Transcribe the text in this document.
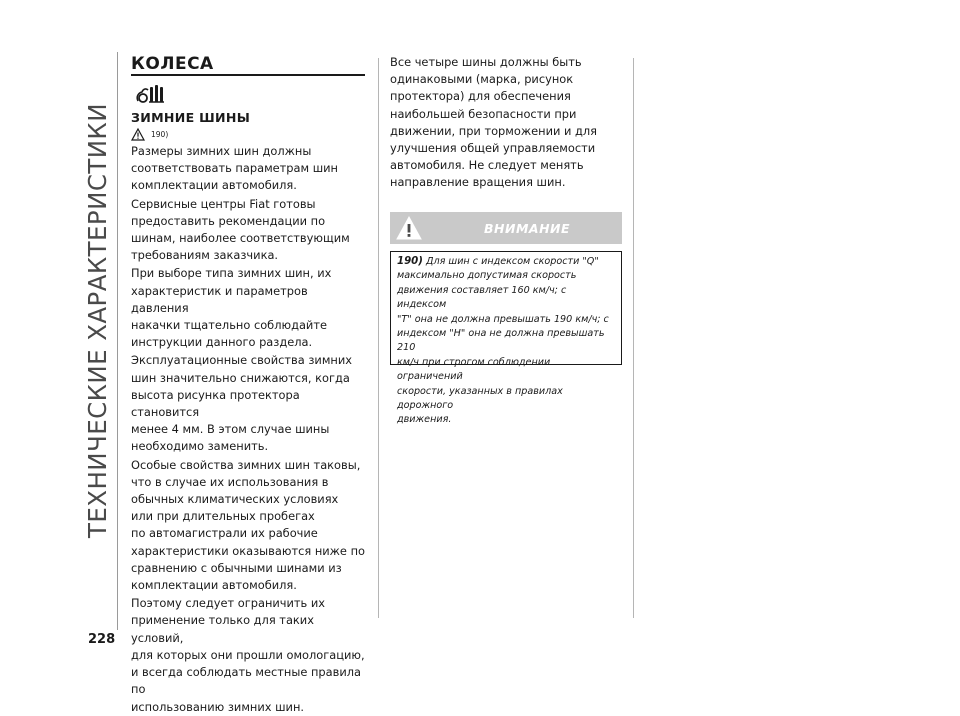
ТЕХНИЧЕСКИЕ ХАРАКТЕРИСТИКИ
КОЛЕСА
ЗИМНИЕ ШИНЫ
190)
Размеры зимних шин должны
соответствовать параметрам шин
комплектации автомобиля.
Сервисные центры Fiat готовы
предоставить рекомендации по
шинам, наиболее соответствующим
требованиям заказчика.
При выборе типа зимних шин, их
характеристик и параметров давления
накачки тщательно соблюдайте
инструкции данного раздела.
Эксплуатационные свойства зимних
шин значительно снижаются, когда
высота рисунка протектора становится
менее 4 мм. В этом случае шины
необходимо заменить.
Особые свойства зимних шин таковы,
что в случае их использования в
обычных климатических условиях
или при длительных пробегах
по автомагистрали их рабочие
характеристики оказываются ниже по
сравнению с обычными шинами из
комплектации автомобиля.
Поэтому следует ограничить их
применение только для таких условий,
для которых они прошли омологацию,
и всегда соблюдать местные правила по
использованию зимних шин.
Все четыре шины должны быть
одинаковыми (марка, рисунок
протектора) для обеспечения
наибольшей безопасности при
движении, при торможении и для
улучшения общей управляемости
автомобиля. Не следует менять
направление вращения шин.
ВНИМАНИЕ

190) Для шин с индексом скорости "Q"
максимально допустимая скорость
движения составляет 160 км/ч; с индексом
"T" она не должна превышать 190 км/ч; с
индексом "H" она не должна превышать 210
км/ч при строгом соблюдении ограничений
скорости, указанных в правилах дорожного
движения.

228
